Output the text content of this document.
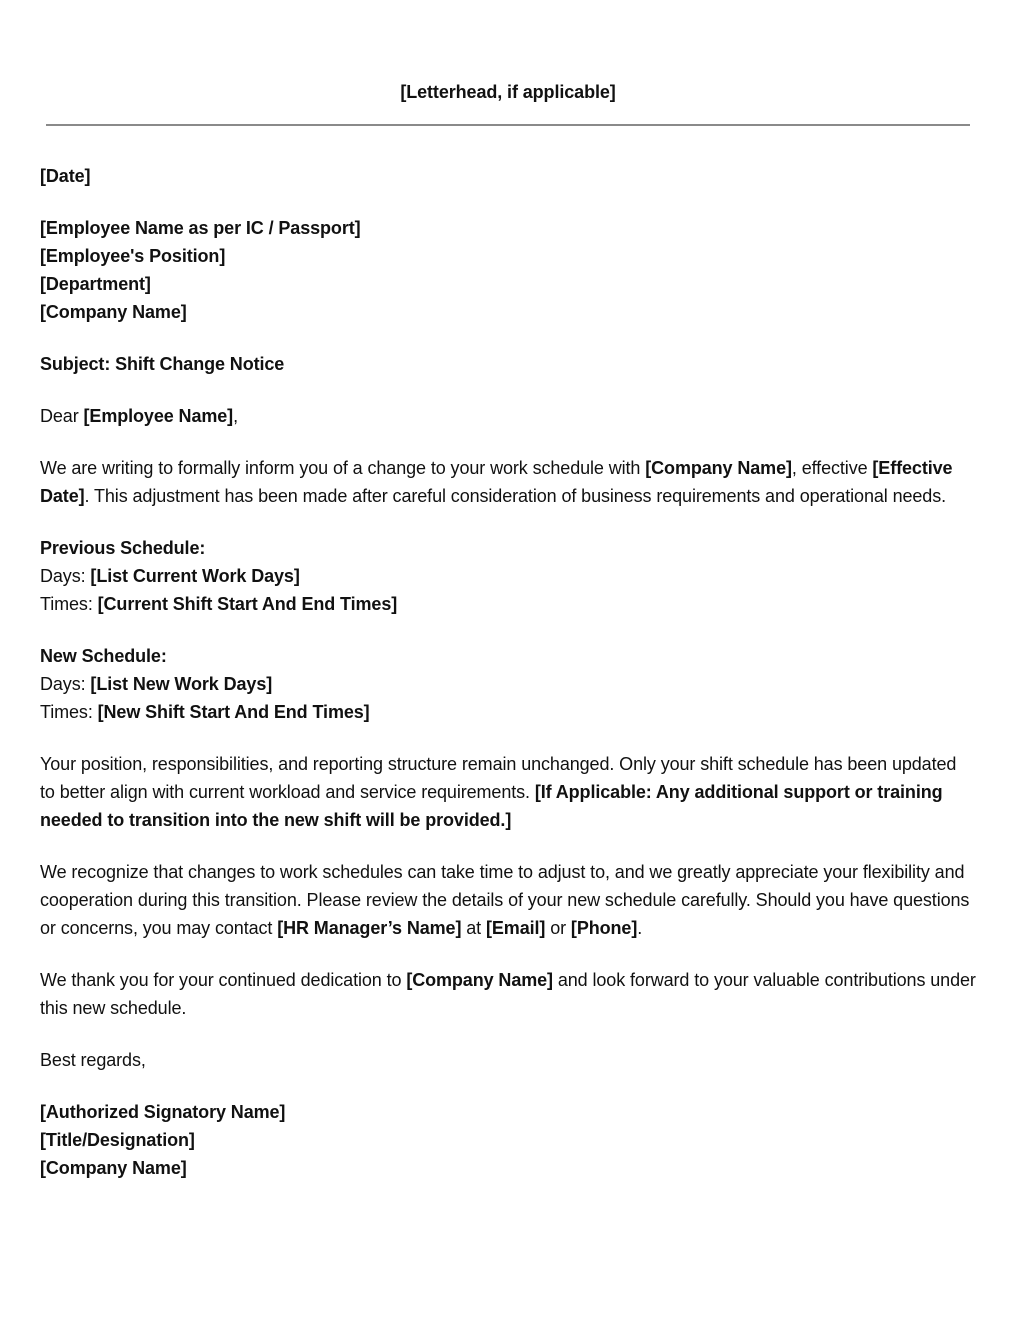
[Letterhead, if applicable]

[Date]

[Employee Name as per IC / Passport]

[Employee's Position]

[Department]

[Company Name]

Subject: Shift Change Notice

Dear [Employee Name],

We are writing to formally inform you of a change to your work schedule with [Company Name], effective [Effective Date]. This adjustment has been made after careful consideration of business requirements and operational needs.

Previous Schedule:

Days: [List Current Work Days]

Times: [Current Shift Start And End Times]

New Schedule:

Days: [List New Work Days]

Times: [New Shift Start And End Times]

Your position, responsibilities, and reporting structure remain unchanged. Only your shift schedule has been updated to better align with current workload and service requirements. [If Applicable: Any additional support or training needed to transition into the new shift will be provided.]

We recognize that changes to work schedules can take time to adjust to, and we greatly appreciate your flexibility and cooperation during this transition. Please review the details of your new schedule carefully. Should you have questions or concerns, you may contact [HR Manager’s Name] at [Email] or [Phone].

We thank you for your continued dedication to [Company Name] and look forward to your valuable contributions under this new schedule.

Best regards,

[Authorized Signatory Name]

[Title/Designation]

[Company Name]
